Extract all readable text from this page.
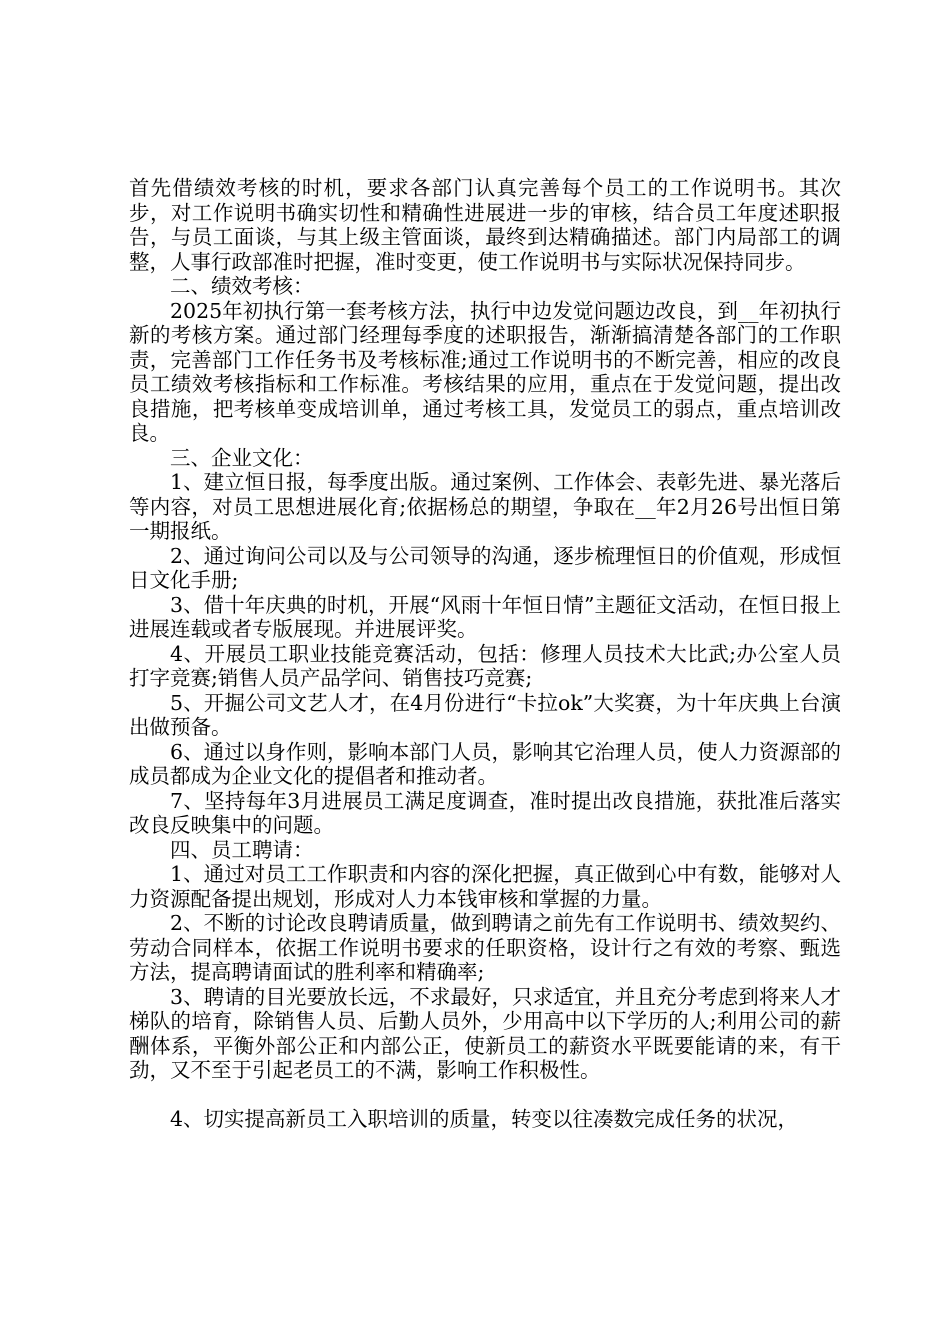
首先借绩效考核的时机，要求各部门认真完善每个员工的工作说明书。其次步，对工作说明书确实切性和精确性进展进一步的审核，结合员工年度述职报告，与员工面谈，与其上级主管面谈，最终到达精确描述。部门内局部工的调整，人事行政部准时把握，准时变更，使工作说明书与实际状况保持同步。

二、绩效考核：

2025年初执行第一套考核方法，执行中边发觉问题边改良，到__年初执行新的考核方案。通过部门经理每季度的述职报告，渐渐搞清楚各部门的工作职责，完善部门工作任务书及考核标准;通过工作说明书的不断完善，相应的改良员工绩效考核指标和工作标准。考核结果的应用，重点在于发觉问题，提出改良措施，把考核单变成培训单，通过考核工具，发觉员工的弱点，重点培训改良。

三、企业文化：

1、建立恒日报，每季度出版。通过案例、工作体会、表彰先进、暴光落后等内容，对员工思想进展化育;依据杨总的期望，争取在__年2月26号出恒日第一期报纸。

2、通过询问公司以及与公司领导的沟通，逐步梳理恒日的价值观，形成恒日文化手册;

3、借十年庆典的时机，开展“风雨十年恒日情”主题征文活动，在恒日报上进展连载或者专版展现。并进展评奖。

4、开展员工职业技能竞赛活动，包括：修理人员技术大比武;办公室人员打字竞赛;销售人员产品学问、销售技巧竞赛;

5、开掘公司文艺人才，在4月份进行“卡拉ok”大奖赛，为十年庆典上台演出做预备。

6、通过以身作则，影响本部门人员，影响其它治理人员，使人力资源部的成员都成为企业文化的提倡者和推动者。

7、坚持每年3月进展员工满足度调查，准时提出改良措施，获批准后落实改良反映集中的问题。

四、员工聘请：

1、通过对员工工作职责和内容的深化把握，真正做到心中有数，能够对人力资源配备提出规划，形成对人力本钱审核和掌握的力量。

2、不断的讨论改良聘请质量，做到聘请之前先有工作说明书、绩效契约、劳动合同样本，依据工作说明书要求的任职资格，设计行之有效的考察、甄选方法，提高聘请面试的胜利率和精确率;

3、聘请的目光要放长远，不求最好，只求适宜，并且充分考虑到将来人才梯队的培育，除销售人员、后勤人员外，少用高中以下学历的人;利用公司的薪酬体系，平衡外部公正和内部公正，使新员工的薪资水平既要能请的来，有干劲，又不至于引起老员工的不满，影响工作积极性。

4、切实提高新员工入职培训的质量，转变以往凑数完成任务的状况，
